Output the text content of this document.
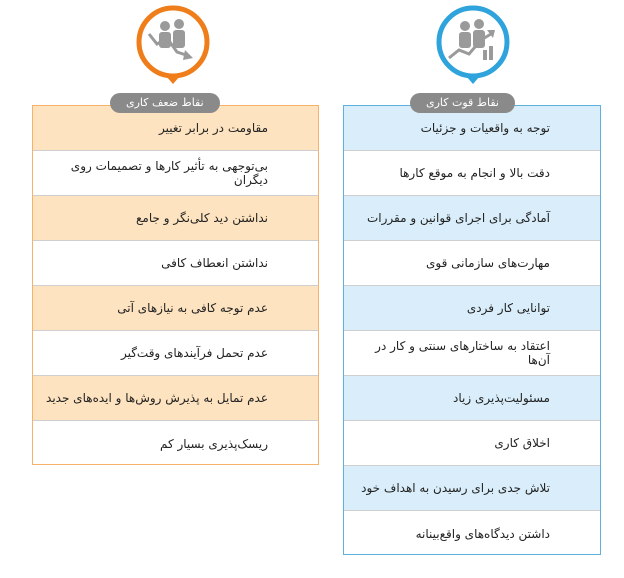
مقاومت در برابر تغییر
بی‌توجهی به تأثیر کارها و تصمیمات روی دیگران
نداشتن دید کلی‌نگر و جامع
نداشتن انعطاف کافی
عدم توجه کافی به نیازهای آتی
عدم تحمل فرآیندهای وقت‌گیر
عدم تمایل به پذیرش روش‌ها و ایده‌های جدید
ریسک‌پذیری بسیار کم
نقاط ضعف کاری
توجه به واقعیات و جزئیات
دقت بالا و انجام به موقع کارها
آمادگی برای اجرای قوانین و مقررات
مهارت‌های سازمانی قوی
توانایی کار فردی
اعتقاد به ساختارهای سنتی و کار در آن‌ها
مسئولیت‌پذیری زیاد
اخلاق کاری
تلاش جدی برای رسیدن به اهداف خود
داشتن دیدگاه‌های واقع‌بینانه
نقاط قوت کاری
